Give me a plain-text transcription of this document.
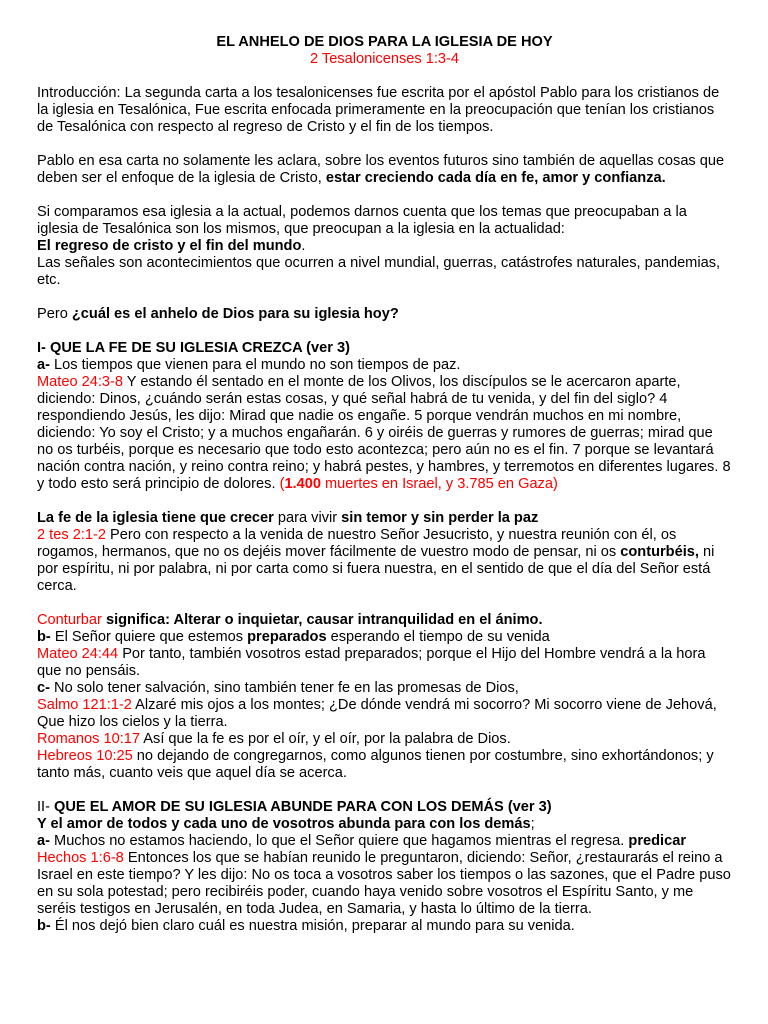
EL ANHELO DE DIOS PARA LA IGLESIA DE HOY
2 Tesalonicenses 1:3-4

Introducción: La segunda carta a los tesalonicenses fue escrita por el apóstol Pablo para los cristianos de la iglesia en Tesalónica, Fue escrita enfocada primeramente en la preocupación que tenían los cristianos de Tesalónica con respecto al regreso de Cristo y el fin de los tiempos.

Pablo en esa carta no solamente les aclara, sobre los eventos futuros sino también de aquellas cosas que deben ser el enfoque de la iglesia de Cristo, estar creciendo cada día en fe, amor y confianza.

Si comparamos esa iglesia a la actual, podemos darnos cuenta que los temas que preocupaban a la iglesia de Tesalónica son los mismos, que preocupan a la iglesia en la actualidad:
El regreso de cristo y el fin del mundo.
Las señales son acontecimientos que ocurren a nivel mundial, guerras, catástrofes naturales, pandemias, etc.

Pero ¿cuál es el anhelo de Dios para su iglesia hoy?

I- QUE LA FE DE SU IGLESIA CREZCA (ver 3)

a- Los tiempos que vienen para el mundo no son tiempos de paz.

Mateo 24:3-8 Y estando él sentado en el monte de los Olivos, los discípulos se le acercaron aparte, diciendo: Dinos, ¿cuándo serán estas cosas, y qué señal habrá de tu venida, y del fin del siglo? 4 respondiendo Jesús, les dijo: Mirad que nadie os engañe. 5 porque vendrán muchos en mi nombre, diciendo: Yo soy el Cristo; y a muchos engañarán. 6 y oiréis de guerras y rumores de guerras; mirad que no os turbéis, porque es necesario que todo esto acontezca; pero aún no es el fin. 7 porque se levantará nación contra nación, y reino contra reino; y habrá pestes, y hambres, y terremotos en diferentes lugares. 8 y todo esto será principio de dolores. (1.400 muertes en Israel, y 3.785 en Gaza)

La fe de la iglesia tiene que crecer para vivir sin temor y sin perder la paz

2 tes 2:1-2 Pero con respecto a la venida de nuestro Señor Jesucristo, y nuestra reunión con él, os rogamos, hermanos, que no os dejéis mover fácilmente de vuestro modo de pensar, ni os conturbéis, ni por espíritu, ni por palabra, ni por carta como si fuera nuestra, en el sentido de que el día del Señor está cerca.

Conturbar significa: Alterar o inquietar, causar intranquilidad en el ánimo.

b- El Señor quiere que estemos preparados esperando el tiempo de su venida

Mateo 24:44 Por tanto, también vosotros estad preparados; porque el Hijo del Hombre vendrá a la hora que no pensáis.

c- No solo tener salvación, sino también tener fe en las promesas de Dios,

Salmo 121:1-2 Alzaré mis ojos a los montes; ¿De dónde vendrá mi socorro? Mi socorro viene de Jehová, Que hizo los cielos y la tierra.

Romanos 10:17 Así que la fe es por el oír, y el oír, por la palabra de Dios.

Hebreos 10:25 no dejando de congregarnos, como algunos tienen por costumbre, sino exhortándonos; y tanto más, cuanto veis que aquel día se acerca.

II- QUE EL AMOR DE SU IGLESIA ABUNDE PARA CON LOS DEMÁS (ver 3)

Y el amor de todos y cada uno de vosotros abunda para con los demás;

a- Muchos no estamos haciendo, lo que el Señor quiere que hagamos mientras el regresa. predicar

Hechos 1:6-8 Entonces los que se habían reunido le preguntaron, diciendo: Señor, ¿restaurarás el reino a Israel en este tiempo? Y les dijo: No os toca a vosotros saber los tiempos o las sazones, que el Padre puso en su sola potestad; pero recibiréis poder, cuando haya venido sobre vosotros el Espíritu Santo, y me seréis testigos en Jerusalén, en toda Judea, en Samaria, y hasta lo último de la tierra.

b- Él nos dejó bien claro cuál es nuestra misión, preparar al mundo para su venida.
